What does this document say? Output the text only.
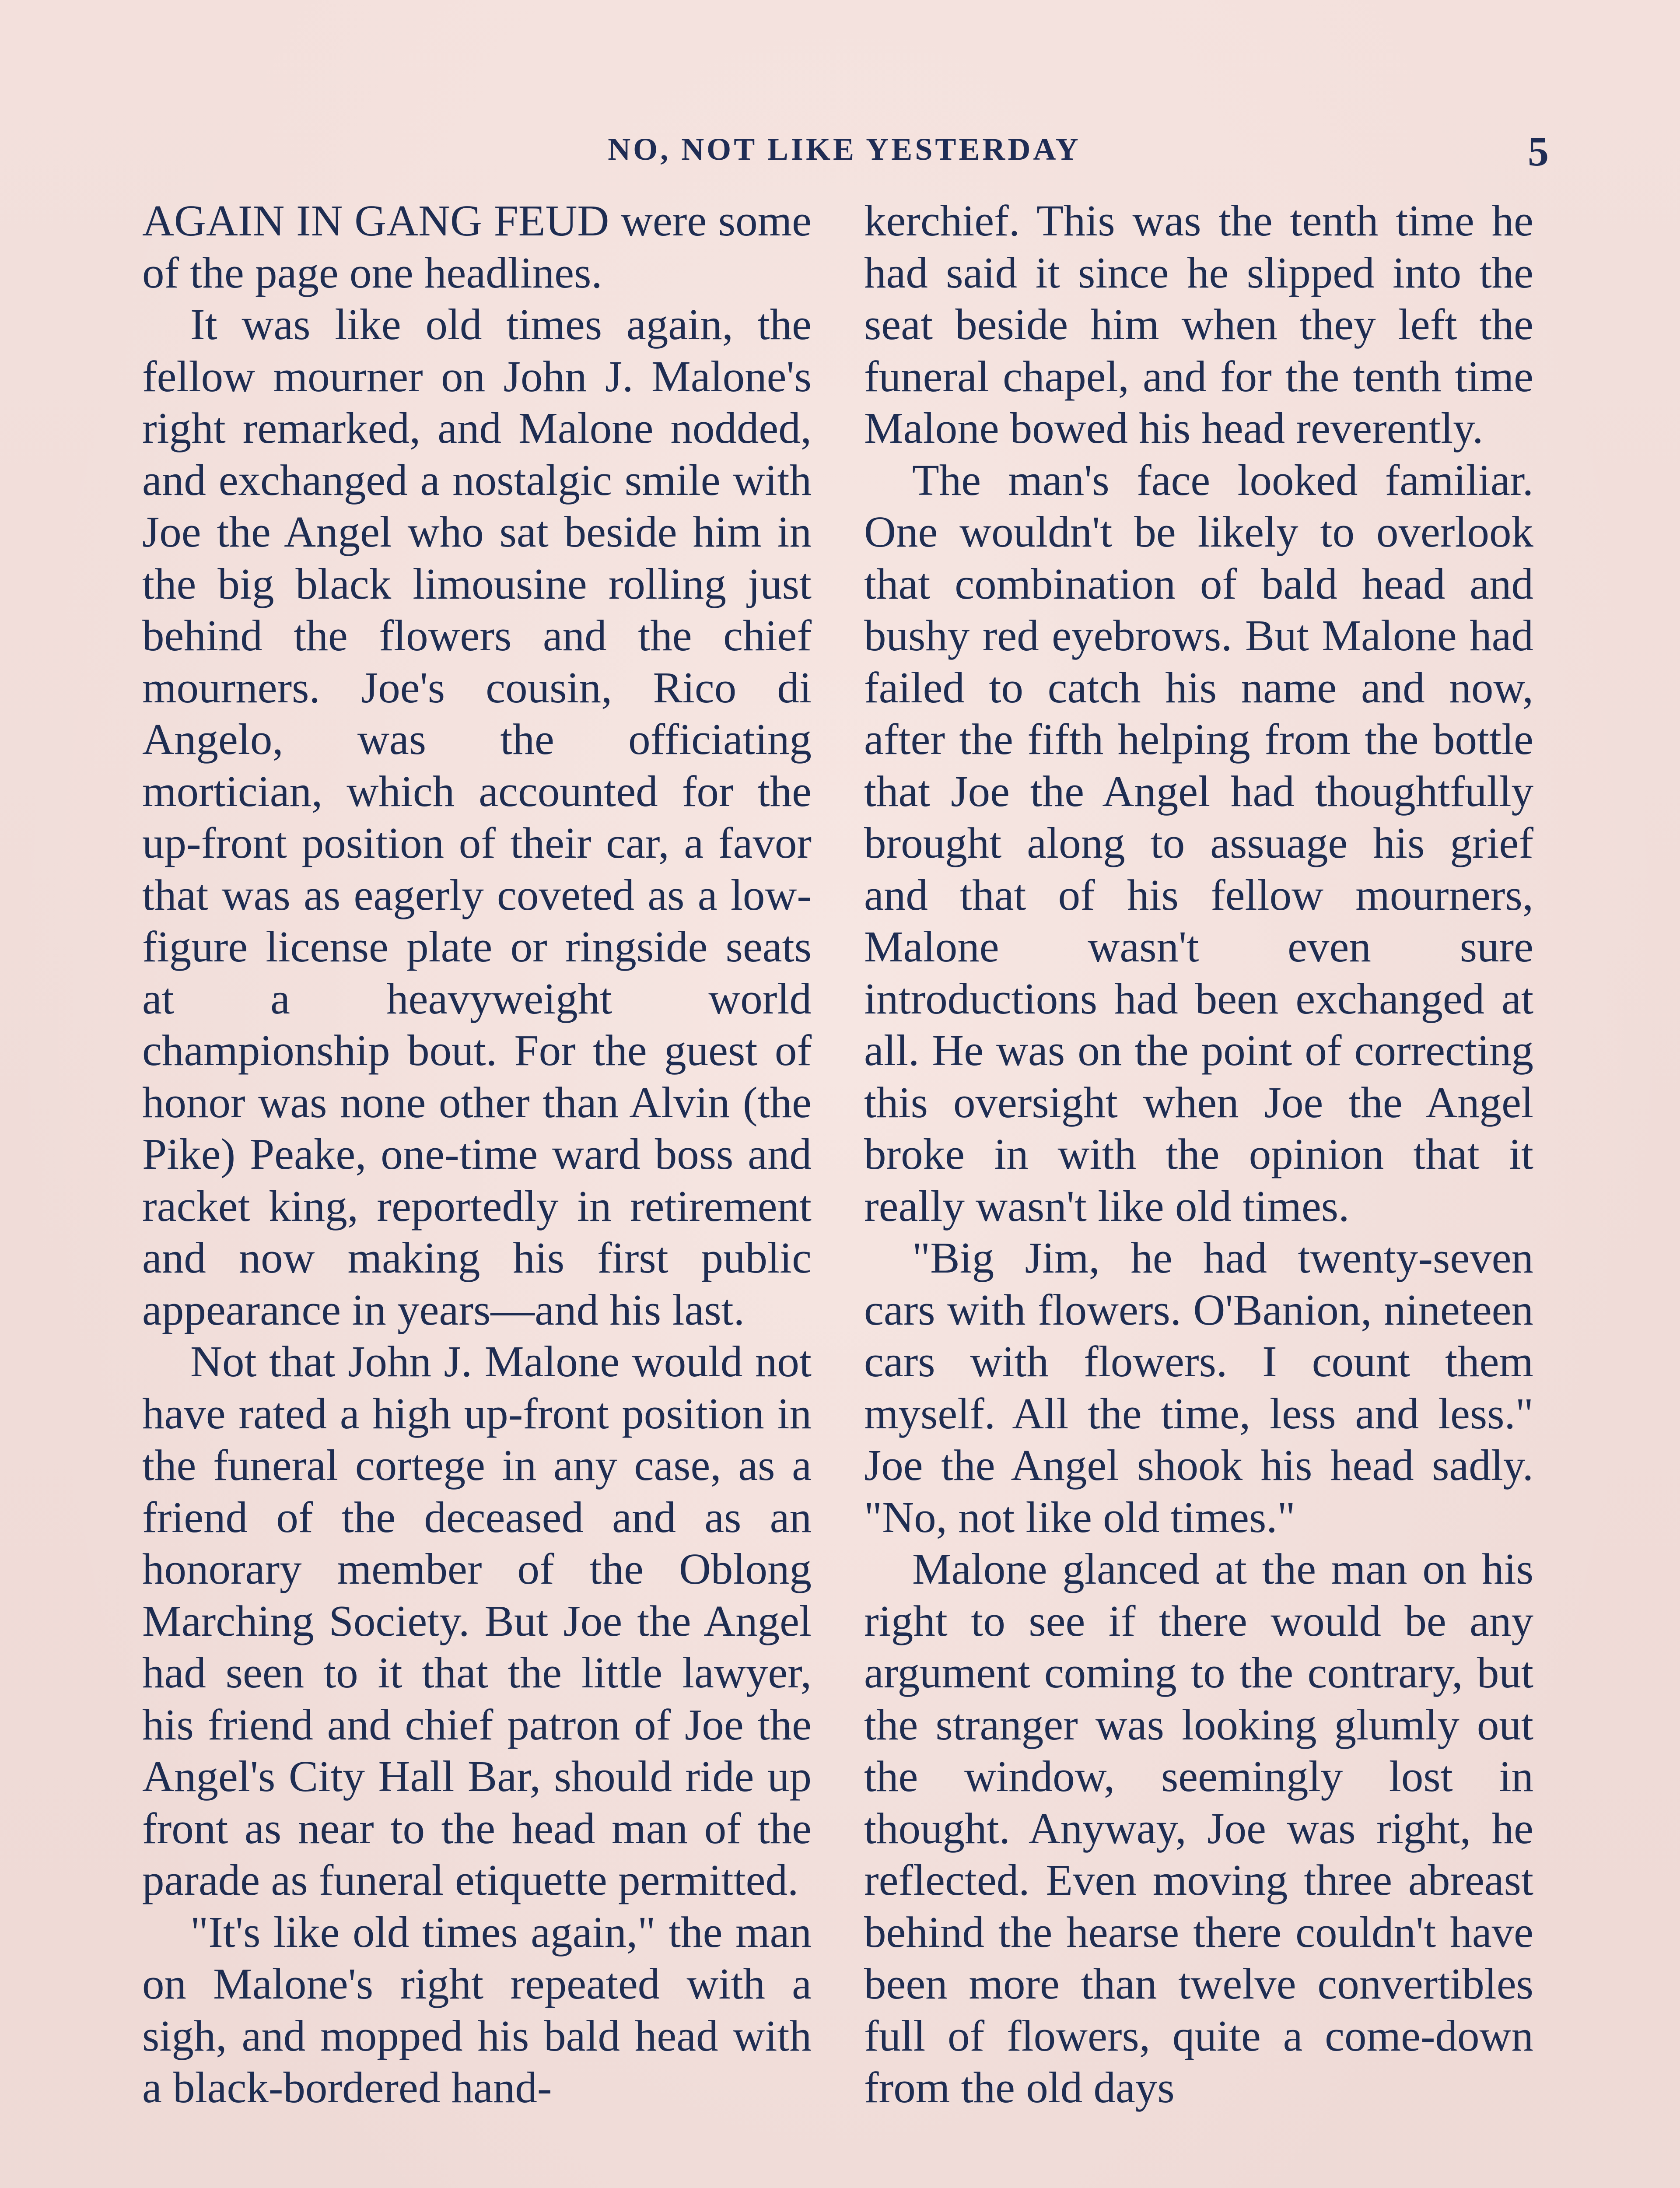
NO, NOT LIKE YESTERDAY	5

AGAIN IN GANG FEUD were some of the page one headlines.

It was like old times again, the fellow mourner on John J. Malone's right remarked, and Malone nodded, and exchanged a nostalgic smile with Joe the Angel who sat beside him in the big black limousine rolling just behind the flowers and the chief mourners. Joe's cousin, Rico di Angelo, was the officiating mortician, which accounted for the up-front position of their car, a favor that was as eagerly coveted as a low-figure license plate or ringside seats at a heavyweight world championship bout. For the guest of honor was none other than Alvin (the Pike) Peake, one-time ward boss and racket king, reportedly in retirement and now making his first public appearance in years—and his last.

Not that John J. Malone would not have rated a high up-front position in the funeral cortege in any case, as a friend of the deceased and as an honorary member of the Oblong Marching Society. But Joe the Angel had seen to it that the little lawyer, his friend and chief patron of Joe the Angel's City Hall Bar, should ride up front as near to the head man of the parade as funeral etiquette permitted.

"It's like old times again," the man on Malone's right repeated with a sigh, and mopped his bald head with a black-bordered hand-

kerchief. This was the tenth time he had said it since he slipped into the seat beside him when they left the funeral chapel, and for the tenth time Malone bowed his head reverently.

The man's face looked familiar. One wouldn't be likely to overlook that combination of bald head and bushy red eyebrows. But Malone had failed to catch his name and now, after the fifth helping from the bottle that Joe the Angel had thoughtfully brought along to assuage his grief and that of his fellow mourners, Malone wasn't even sure introductions had been exchanged at all. He was on the point of correcting this oversight when Joe the Angel broke in with the opinion that it really wasn't like old times.

"Big Jim, he had twenty-seven cars with flowers. O'Banion, nineteen cars with flowers. I count them myself. All the time, less and less." Joe the Angel shook his head sadly. "No, not like old times."

Malone glanced at the man on his right to see if there would be any argument coming to the contrary, but the stranger was looking glumly out the window, seemingly lost in thought. Anyway, Joe was right, he reflected. Even moving three abreast behind the hearse there couldn't have been more than twelve convertibles full of flowers, quite a come-down from the old days
